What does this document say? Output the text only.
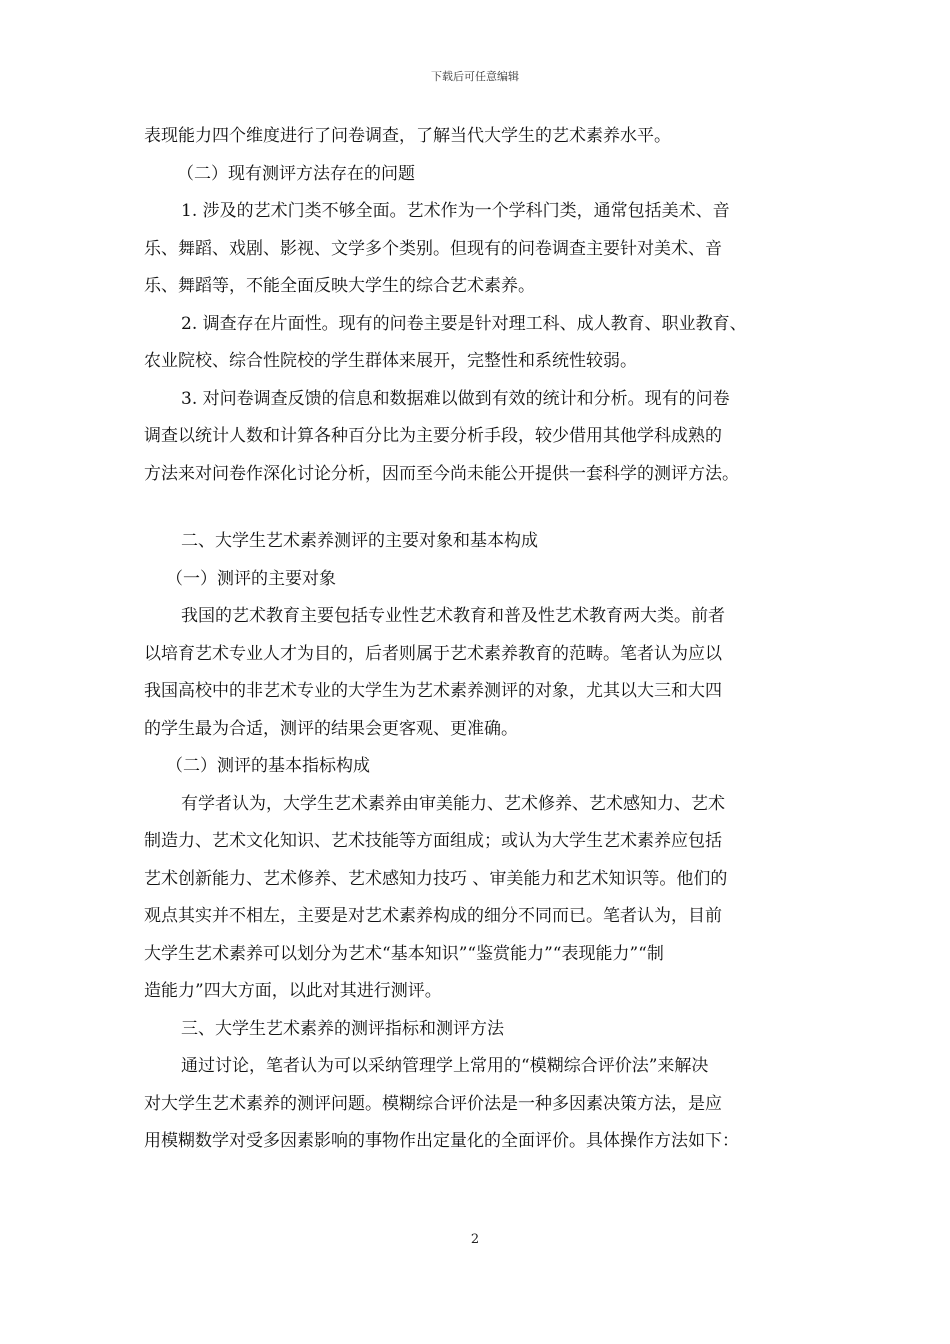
下载后可任意编辑
表现能力四个维度进行了问卷调查，了解当代大学生的艺术素养水平。
（二）现有测评方法存在的问题
1. 涉及的艺术门类不够全面。艺术作为一个学科门类，通常包括美术、音
乐、舞蹈、戏剧、影视、文学多个类别。但现有的问卷调查主要针对美术、音
乐、舞蹈等，不能全面反映大学生的综合艺术素养。
2. 调查存在片面性。现有的问卷主要是针对理工科、成人教育、职业教育、
农业院校、综合性院校的学生群体来展开，完整性和系统性较弱。
3. 对问卷调查反馈的信息和数据难以做到有效的统计和分析。现有的问卷
调查以统计人数和计算各种百分比为主要分析手段，较少借用其他学科成熟的
方法来对问卷作深化讨论分析，因而至今尚未能公开提供一套科学的测评方法。
二、大学生艺术素养测评的主要对象和基本构成
（一）测评的主要对象
我国的艺术教育主要包括专业性艺术教育和普及性艺术教育两大类。前者
以培育艺术专业人才为目的，后者则属于艺术素养教育的范畴。笔者认为应以
我国高校中的非艺术专业的大学生为艺术素养测评的对象，尤其以大三和大四
的学生最为合适，测评的结果会更客观、更准确。
（二）测评的基本指标构成
有学者认为，大学生艺术素养由审美能力、艺术修养、艺术感知力、艺术
制造力、艺术文化知识、艺术技能等方面组成；或认为大学生艺术素养应包括
艺术创新能力、艺术修养、艺术感知力技巧 、审美能力和艺术知识等。他们的
观点其实并不相左，主要是对艺术素养构成的细分不同而已。笔者认为，目前
大学生艺术素养可以划分为艺术“基本知识”“鉴赏能力”“表现能力”“制
造能力”四大方面，以此对其进行测评。
三、大学生艺术素养的测评指标和测评方法
通过讨论，笔者认为可以采纳管理学上常用的“模糊综合评价法”来解决
对大学生艺术素养的测评问题。模糊综合评价法是一种多因素决策方法，是应
用模糊数学对受多因素影响的事物作出定量化的全面评价。具体操作方法如下：
2
